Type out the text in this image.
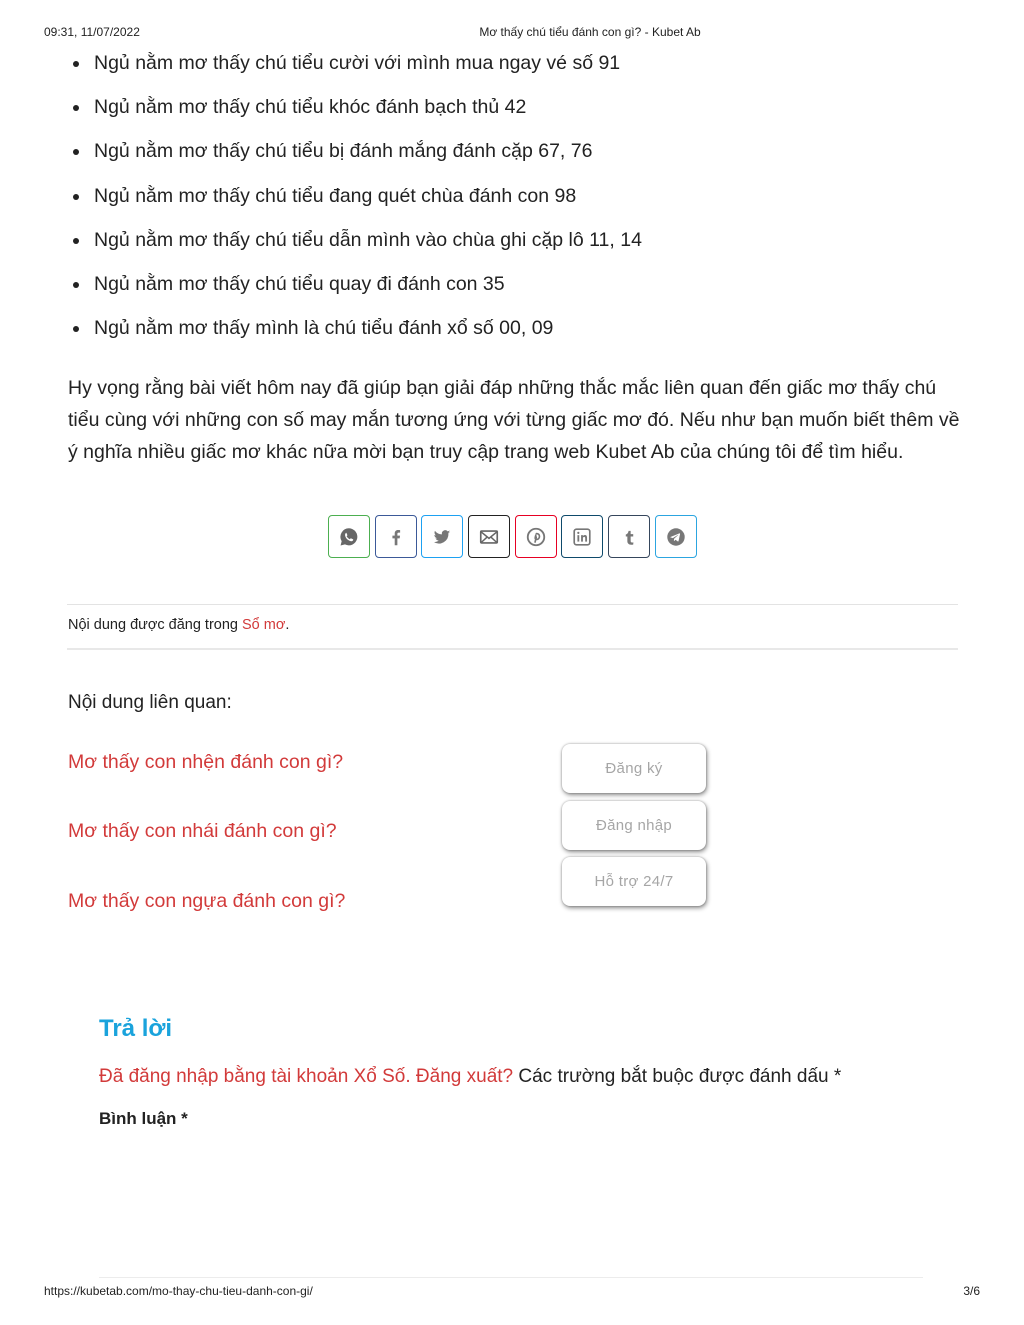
09:31, 11/07/2022	Mơ thấy chú tiểu đánh con gì? - Kubet Ab
Ngủ nằm mơ thấy chú tiểu cười với mình mua ngay vé số 91
Ngủ nằm mơ thấy chú tiểu khóc đánh bạch thủ 42
Ngủ nằm mơ thấy chú tiểu bị đánh mắng đánh cặp 67, 76
Ngủ nằm mơ thấy chú tiểu đang quét chùa đánh con 98
Ngủ nằm mơ thấy chú tiểu dẫn mình vào chùa ghi cặp lô 11, 14
Ngủ nằm mơ thấy chú tiểu quay đi đánh con 35
Ngủ nằm mơ thấy mình là chú tiểu đánh xổ số 00, 09

Hy vọng rằng bài viết hôm nay đã giúp bạn giải đáp những thắc mắc liên quan đến giấc mơ thấy chú tiểu cùng với những con số may mắn tương ứng với từng giấc mơ đó. Nếu như bạn muốn biết thêm về ý nghĩa nhiều giấc mơ khác nữa mời bạn truy cập trang web Kubet Ab của chúng tôi để tìm hiểu.

Nội dung được đăng trong Sổ mơ.
Nội dung liên quan:
Mơ thấy con nhện đánh con gì?
Mơ thấy con nhái đánh con gì?
Mơ thấy con ngựa đánh con gì?
Đăng ký
Đăng nhập
Hỗ trợ 24/7
Trả lời
Đã đăng nhập bằng tài khoản Xổ Số. Đăng xuất? Các trường bắt buộc được đánh dấu *
Bình luận *
https://kubetab.com/mo-thay-chu-tieu-danh-con-gi/	3/6
